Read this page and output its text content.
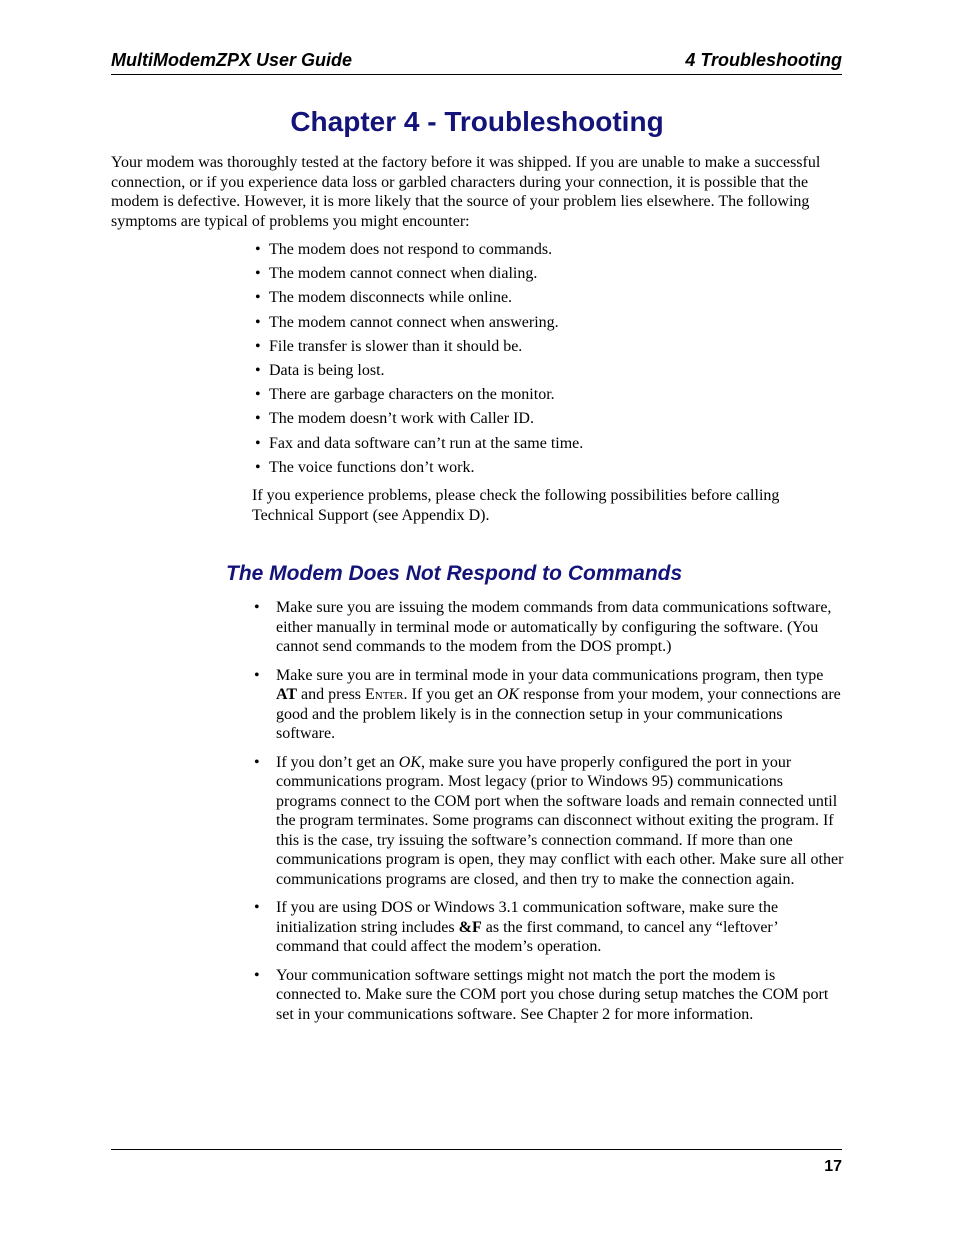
MultiModemZPX User Guide	4 Troubleshooting
Chapter 4 - Troubleshooting

Your modem was thoroughly tested at the factory before it was shipped. If you are unable to make a successful connection, or if you experience data loss or garbled characters during your connection, it is possible that the modem is defective. However, it is more likely that the source of your problem lies elsewhere. The following symptoms are typical of problems you might encounter:

• The modem does not respond to commands.
• The modem cannot connect when dialing.
• The modem disconnects while online.
• The modem cannot connect when answering.
• File transfer is slower than it should be.
• Data is being lost.
• There are garbage characters on the monitor.
• The modem doesn’t work with Caller ID.
• Fax and data software can’t run at the same time.
• The voice functions don’t work.

If you experience problems, please check the following possibilities before calling Technical Support (see Appendix D).

The Modem Does Not Respond to Commands
• Make sure you are issuing the modem commands from data communications software, either manually in terminal mode or automatically by configuring the software. (You cannot send commands to the modem from the DOS prompt.)
• Make sure you are in terminal mode in your data communications program, then type AT and press Enter. If you get an OK response from your modem, your connections are good and the problem likely is in the connection setup in your communications software.
• If you don’t get an OK, make sure you have properly configured the port in your communications program. Most legacy (prior to Windows 95) communications programs connect to the COM port when the software loads and remain connected until the program terminates. Some programs can disconnect without exiting the program. If this is the case, try issuing the software’s connection command. If more than one communications program is open, they may conflict with each other. Make sure all other communications programs are closed, and then try to make the connection again.
• If you are using DOS or Windows 3.1 communication software, make sure the initialization string includes &F as the first command, to cancel any “leftover’ command that could affect the modem’s operation.
• Your communication software settings might not match the port the modem is connected to. Make sure the COM port you chose during setup matches the COM port set in your communications software. See Chapter 2 for more information.
17
